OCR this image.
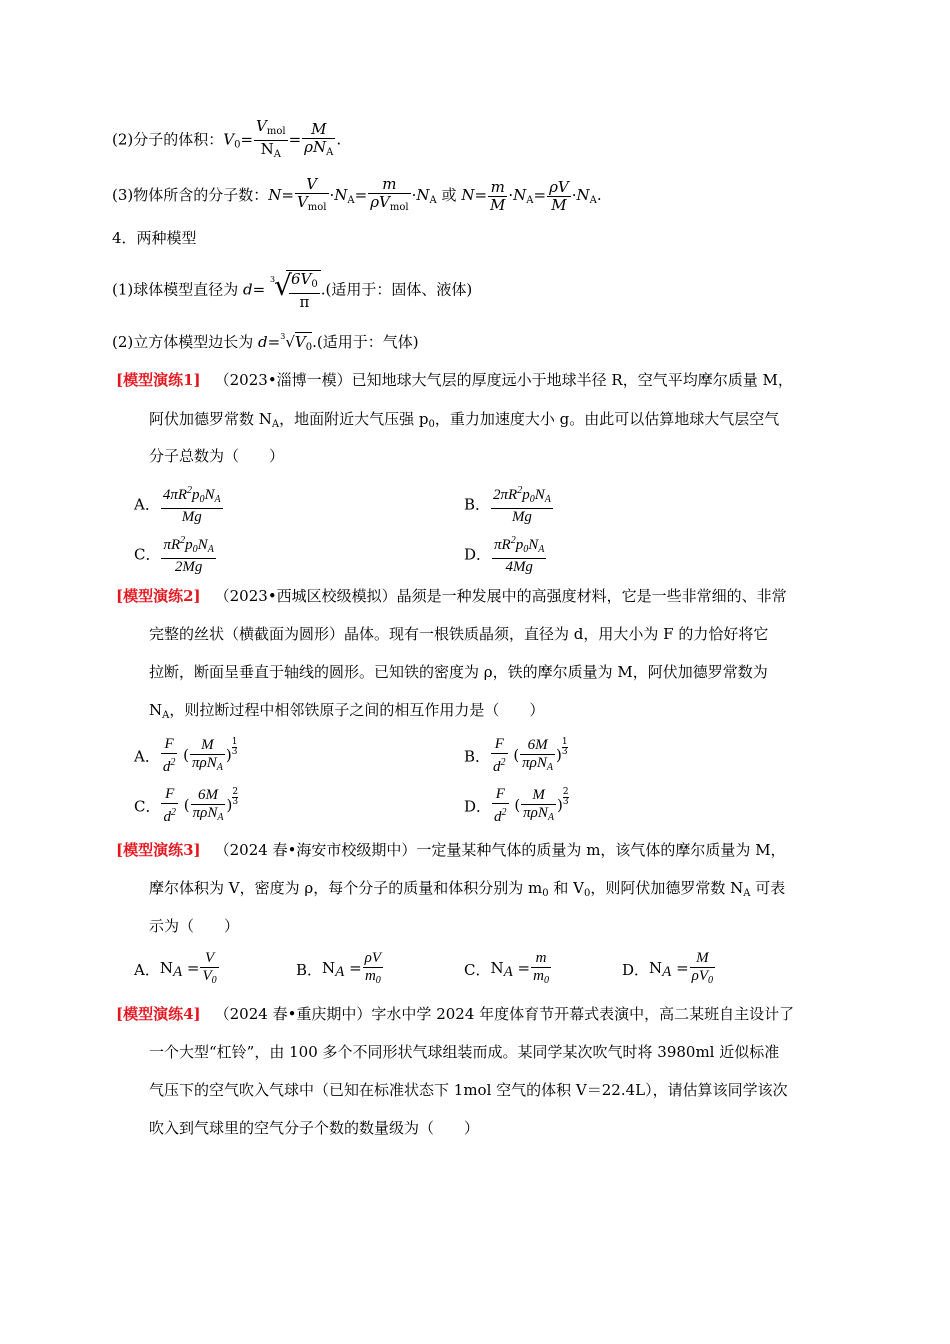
(2)分子的体积：$V_0= \frac{V_{mol}}{N_A} = \frac{M}{\rho N_A}$ .
(3)物体所含的分子数：$N= \frac{V}{V_{mol}} \cdot N_A= \frac{m}{\rho V_{mol}} \cdot N_A$ 或 $N= \frac{m}{M} \cdot N_A= \frac{\rho V}{M} \cdot N_A$.
4．两种模型
(1)球体模型直径为 d=
3
√
$\frac{6V_0}{\pi}$ .(适用于：固体、液体)
(2)立方体模型边长为 $d=^3√V_0$.(适用于：气体)
[模型演练1] （2023•淄博一模）已知地球大气层的厚度远小于地球半径 R，空气平均摩尔质量 M，
阿伏加德罗常数 $N_A$，地面附近大气压强 $p_0$，重力加速度大小 g。由此可以估算地球大气层空气
分子总数为（　　）
A． $\frac{4\pi R^2p_0N_A}{Mg}$	B． $\frac{2\pi R^2p_0N_A}{Mg}$
C． $\frac{\pi R^2p_0N_A}{2Mg}$	D． $\frac{\pi R^2p_0N_A}{4Mg}$
[模型演练2] （2023•西城区校级模拟）晶须是一种发展中的高强度材料，它是一些非常细的、非常
完整的丝状（横截面为圆形）晶体。现有一根铁质晶须，直径为 d，用大小为 F 的力恰好将它
拉断，断面呈垂直于轴线的圆形。已知铁的密度为 ρ，铁的摩尔质量为 M，阿伏加德罗常数为
$N_A$，则拉断过程中相邻铁原子之间的相互作用力是（　　）
A． $\frac{F}{d^2}$ ( $\frac{M}{\pi\rho N_A}$ ) $\frac{1}{3}$	B． $\frac{F}{d^2}$ ( $\frac{6M}{\pi\rho N_A}$ ) $\frac{1}{3}$
C． $\frac{F}{d^2}$ ( $\frac{6M}{\pi\rho N_A}$ ) $\frac{2}{3}$	D． $\frac{F}{d^2}$ ( $\frac{M}{\pi\rho N_A}$ ) $\frac{2}{3}$
[模型演练3] （2024 春•海安市校级期中）一定量某种气体的质量为 m，该气体的摩尔质量为 M，
摩尔体积为 V，密度为 ρ，每个分子的质量和体积分别为 $m_0$ 和 $V_0$，则阿伏加德罗常数 $N_A$ 可表
示为（　　）
A．NA = $\frac{V}{V_0}$	B．NA = $\frac{\rho V}{m_0}$	C．NA = $\frac{m}{m_0}$	D．NA = $\frac{M}{\rho V_0}$
[模型演练4] （2024 春•重庆期中）字水中学 2024 年度体育节开幕式表演中，高二某班自主设计了
一个大型“杠铃”，由 100 多个不同形状气球组装而成。某同学某次吹气时将 3980ml 近似标准
气压下的空气吹入气球中（已知在标准状态下 1mol 空气的体积 V＝22.4L），请估算该同学该次
吹入到气球里的空气分子个数的数量级为（　　）
